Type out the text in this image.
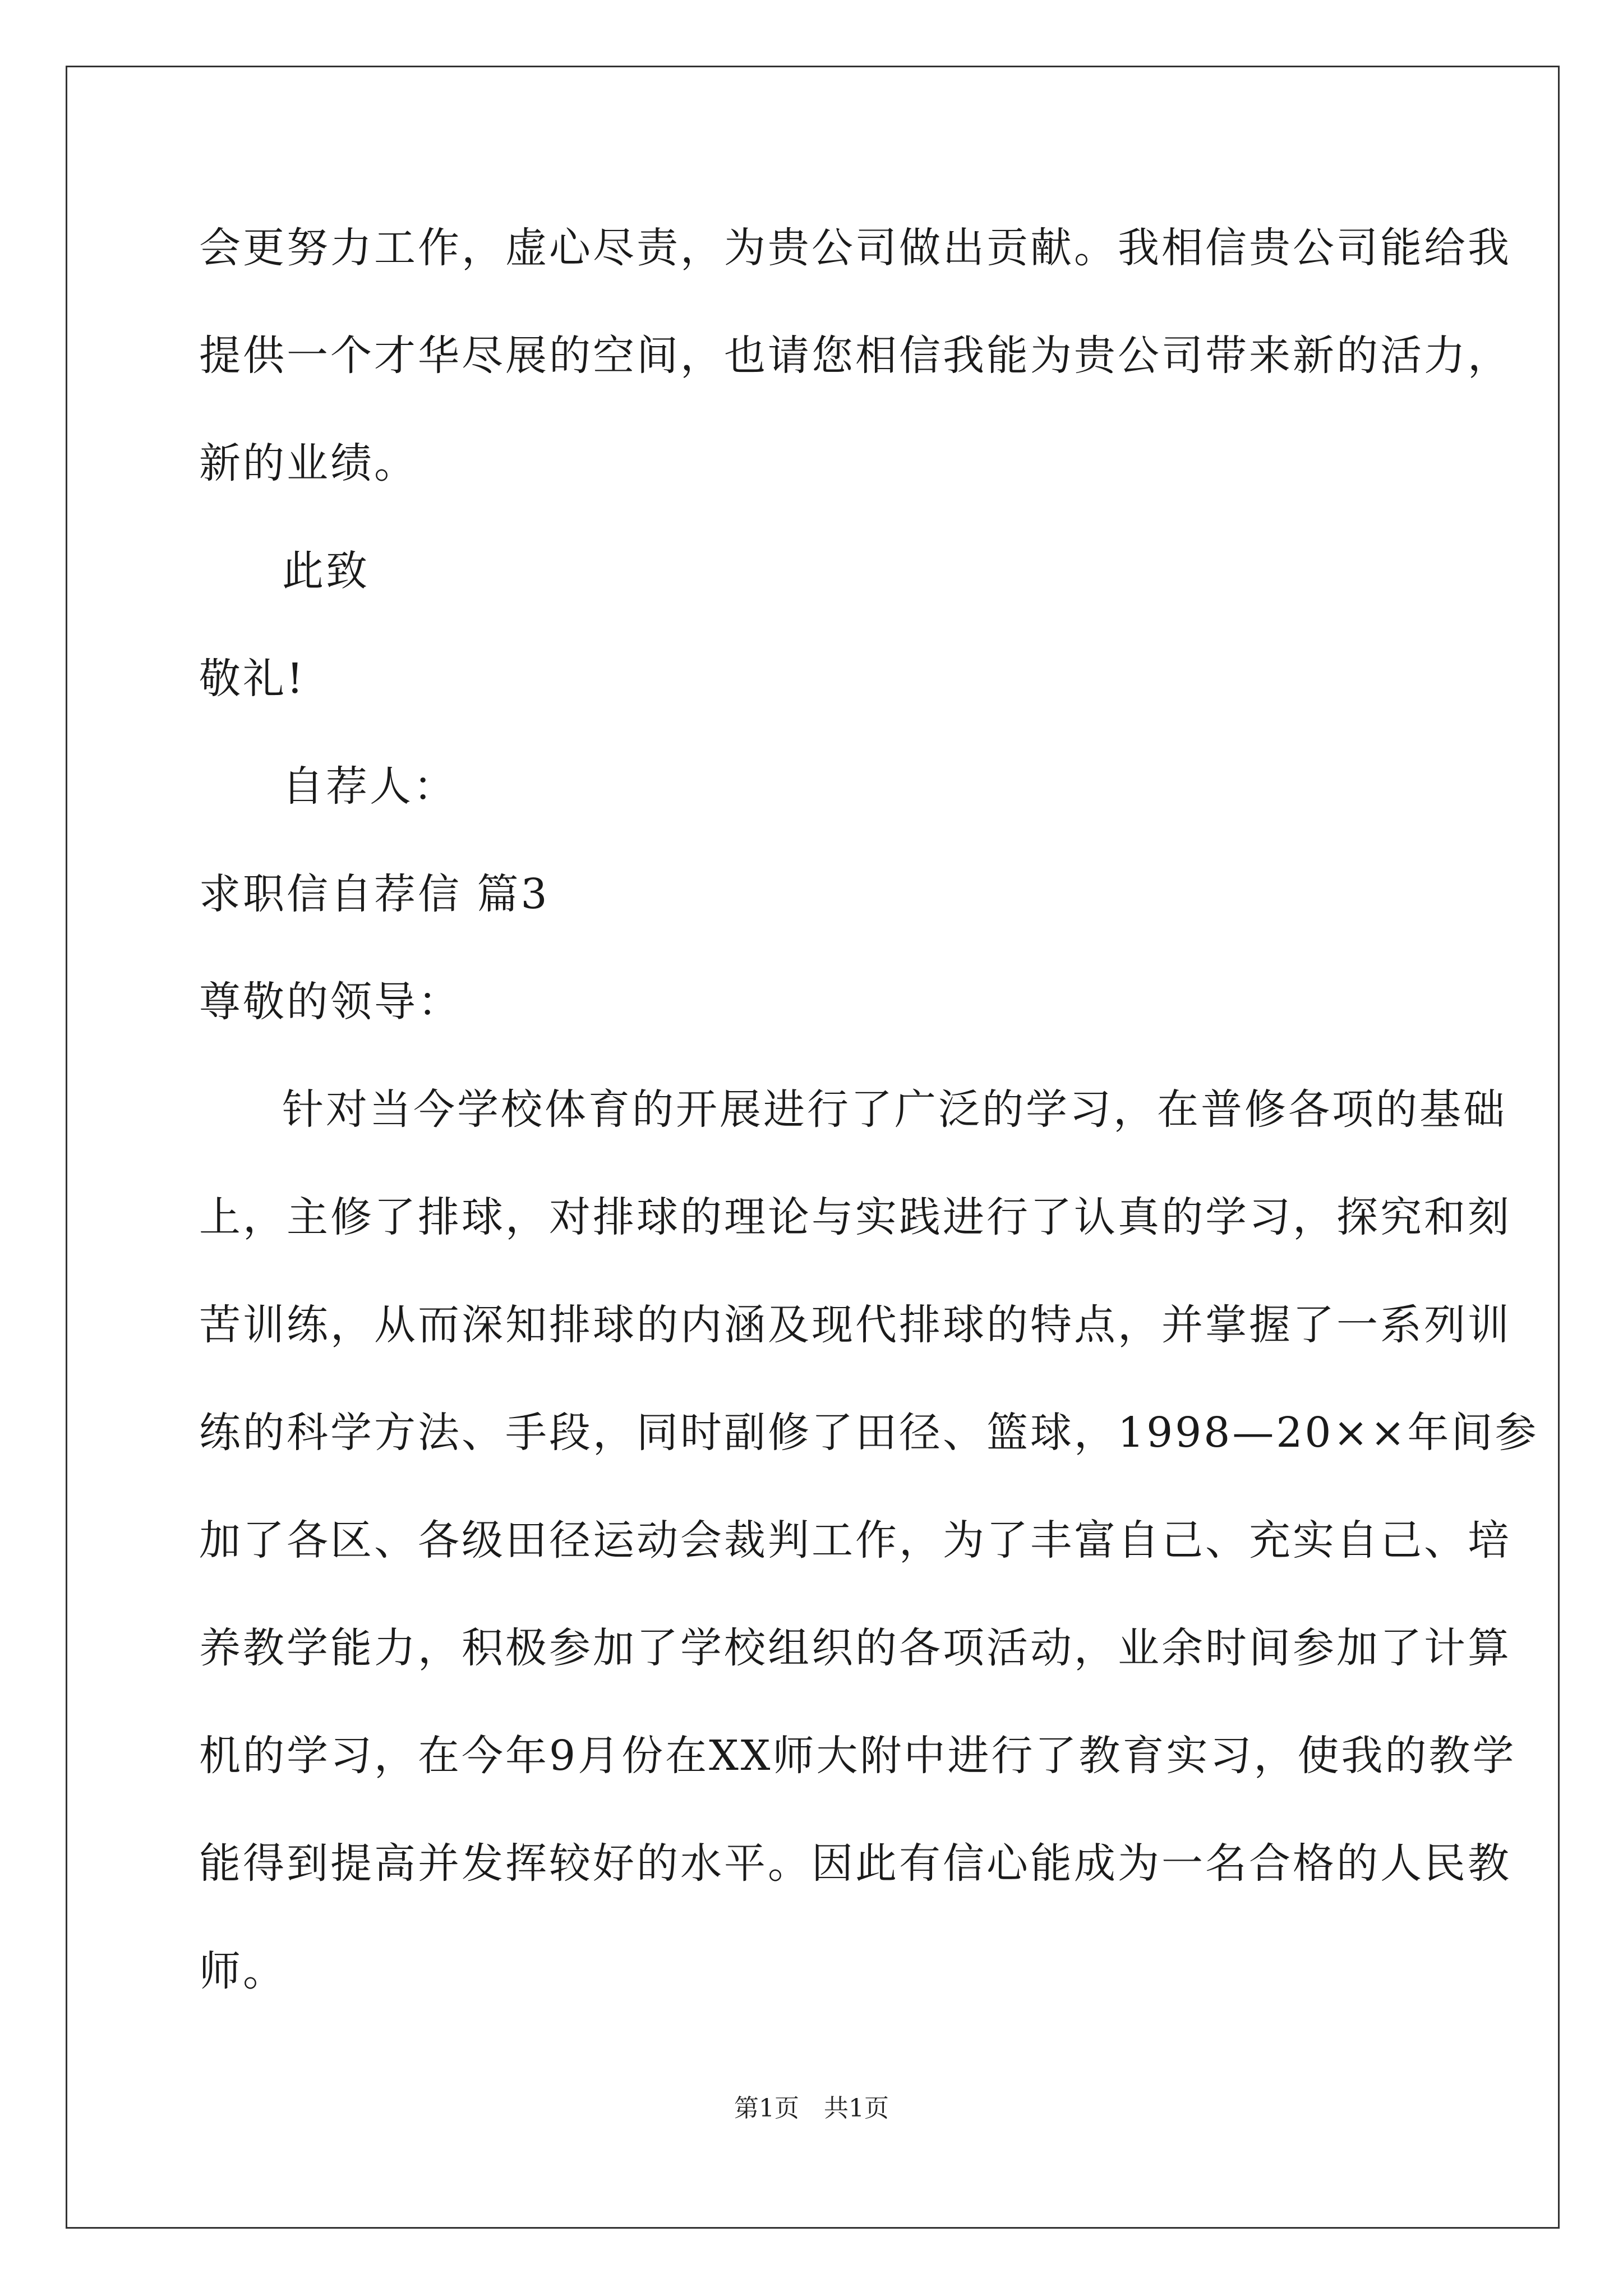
会更努力工作，虚心尽责，为贵公司做出贡献。我相信贵公司能给我
提供一个才华尽展的空间，也请您相信我能为贵公司带来新的活力，
新的业绩。
此致
敬礼!
自荐人：
求职信自荐信 篇3
尊敬的领导：
针对当今学校体育的开展进行了广泛的学习，在普修各项的基础
上，主修了排球，对排球的理论与实践进行了认真的学习，探究和刻
苦训练，从而深知排球的内涵及现代排球的特点，并掌握了一系列训
练的科学方法、手段，同时副修了田径、篮球，1998—20××年间参
加了各区、各级田径运动会裁判工作，为了丰富自己、充实自己、培
养教学能力，积极参加了学校组织的各项活动，业余时间参加了计算
机的学习，在今年9月份在XX师大附中进行了教育实习，使我的教学
能得到提高并发挥较好的水平。因此有信心能成为一名合格的人民教
师。
第1页　共1页
